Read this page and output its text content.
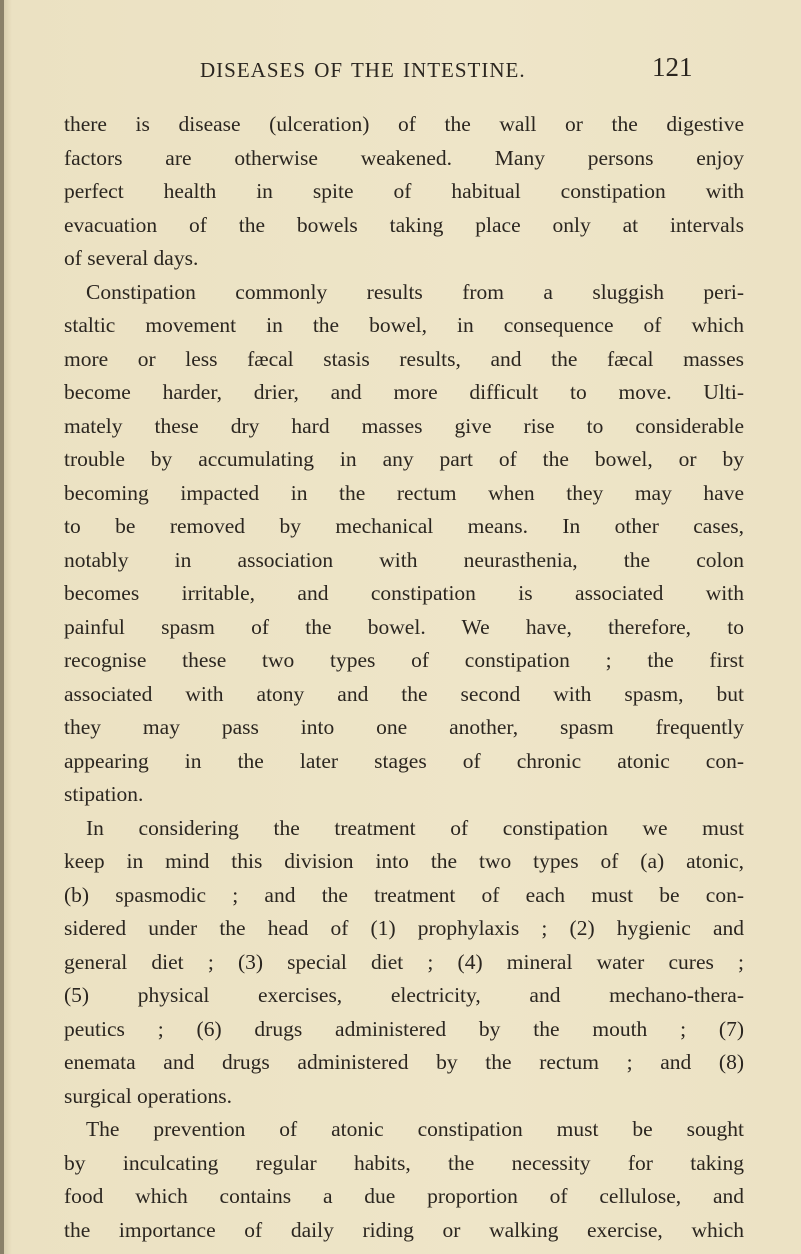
DISEASES OF THE INTESTINE.	121
there is disease (ulceration) of the wall or the digestive
factors are otherwise weakened. Many persons enjoy
perfect health in spite of habitual constipation with
evacuation of the bowels taking place only at intervals
of several days.
Constipation commonly results from a sluggish peri-
staltic movement in the bowel, in consequence of which
more or less fæcal stasis results, and the fæcal masses
become harder, drier, and more difficult to move. Ulti-
mately these dry hard masses give rise to considerable
trouble by accumulating in any part of the bowel, or by
becoming impacted in the rectum when they may have
to be removed by mechanical means. In other cases,
notably in association with neurasthenia, the colon
becomes irritable, and constipation is associated with
painful spasm of the bowel. We have, therefore, to
recognise these two types of constipation ; the first
associated with atony and the second with spasm, but
they may pass into one another, spasm frequently
appearing in the later stages of chronic atonic con-
stipation.
In considering the treatment of constipation we must
keep in mind this division into the two types of (a) atonic,
(b) spasmodic ; and the treatment of each must be con-
sidered under the head of (1) prophylaxis ; (2) hygienic and
general diet ; (3) special diet ; (4) mineral water cures ;
(5) physical exercises, electricity, and mechano-thera-
peutics ; (6) drugs administered by the mouth ; (7)
enemata and drugs administered by the rectum ; and (8)
surgical operations.
The prevention of atonic constipation must be sought
by inculcating regular habits, the necessity for taking
food which contains a due proportion of cellulose, and
the importance of daily riding or walking exercise, which
